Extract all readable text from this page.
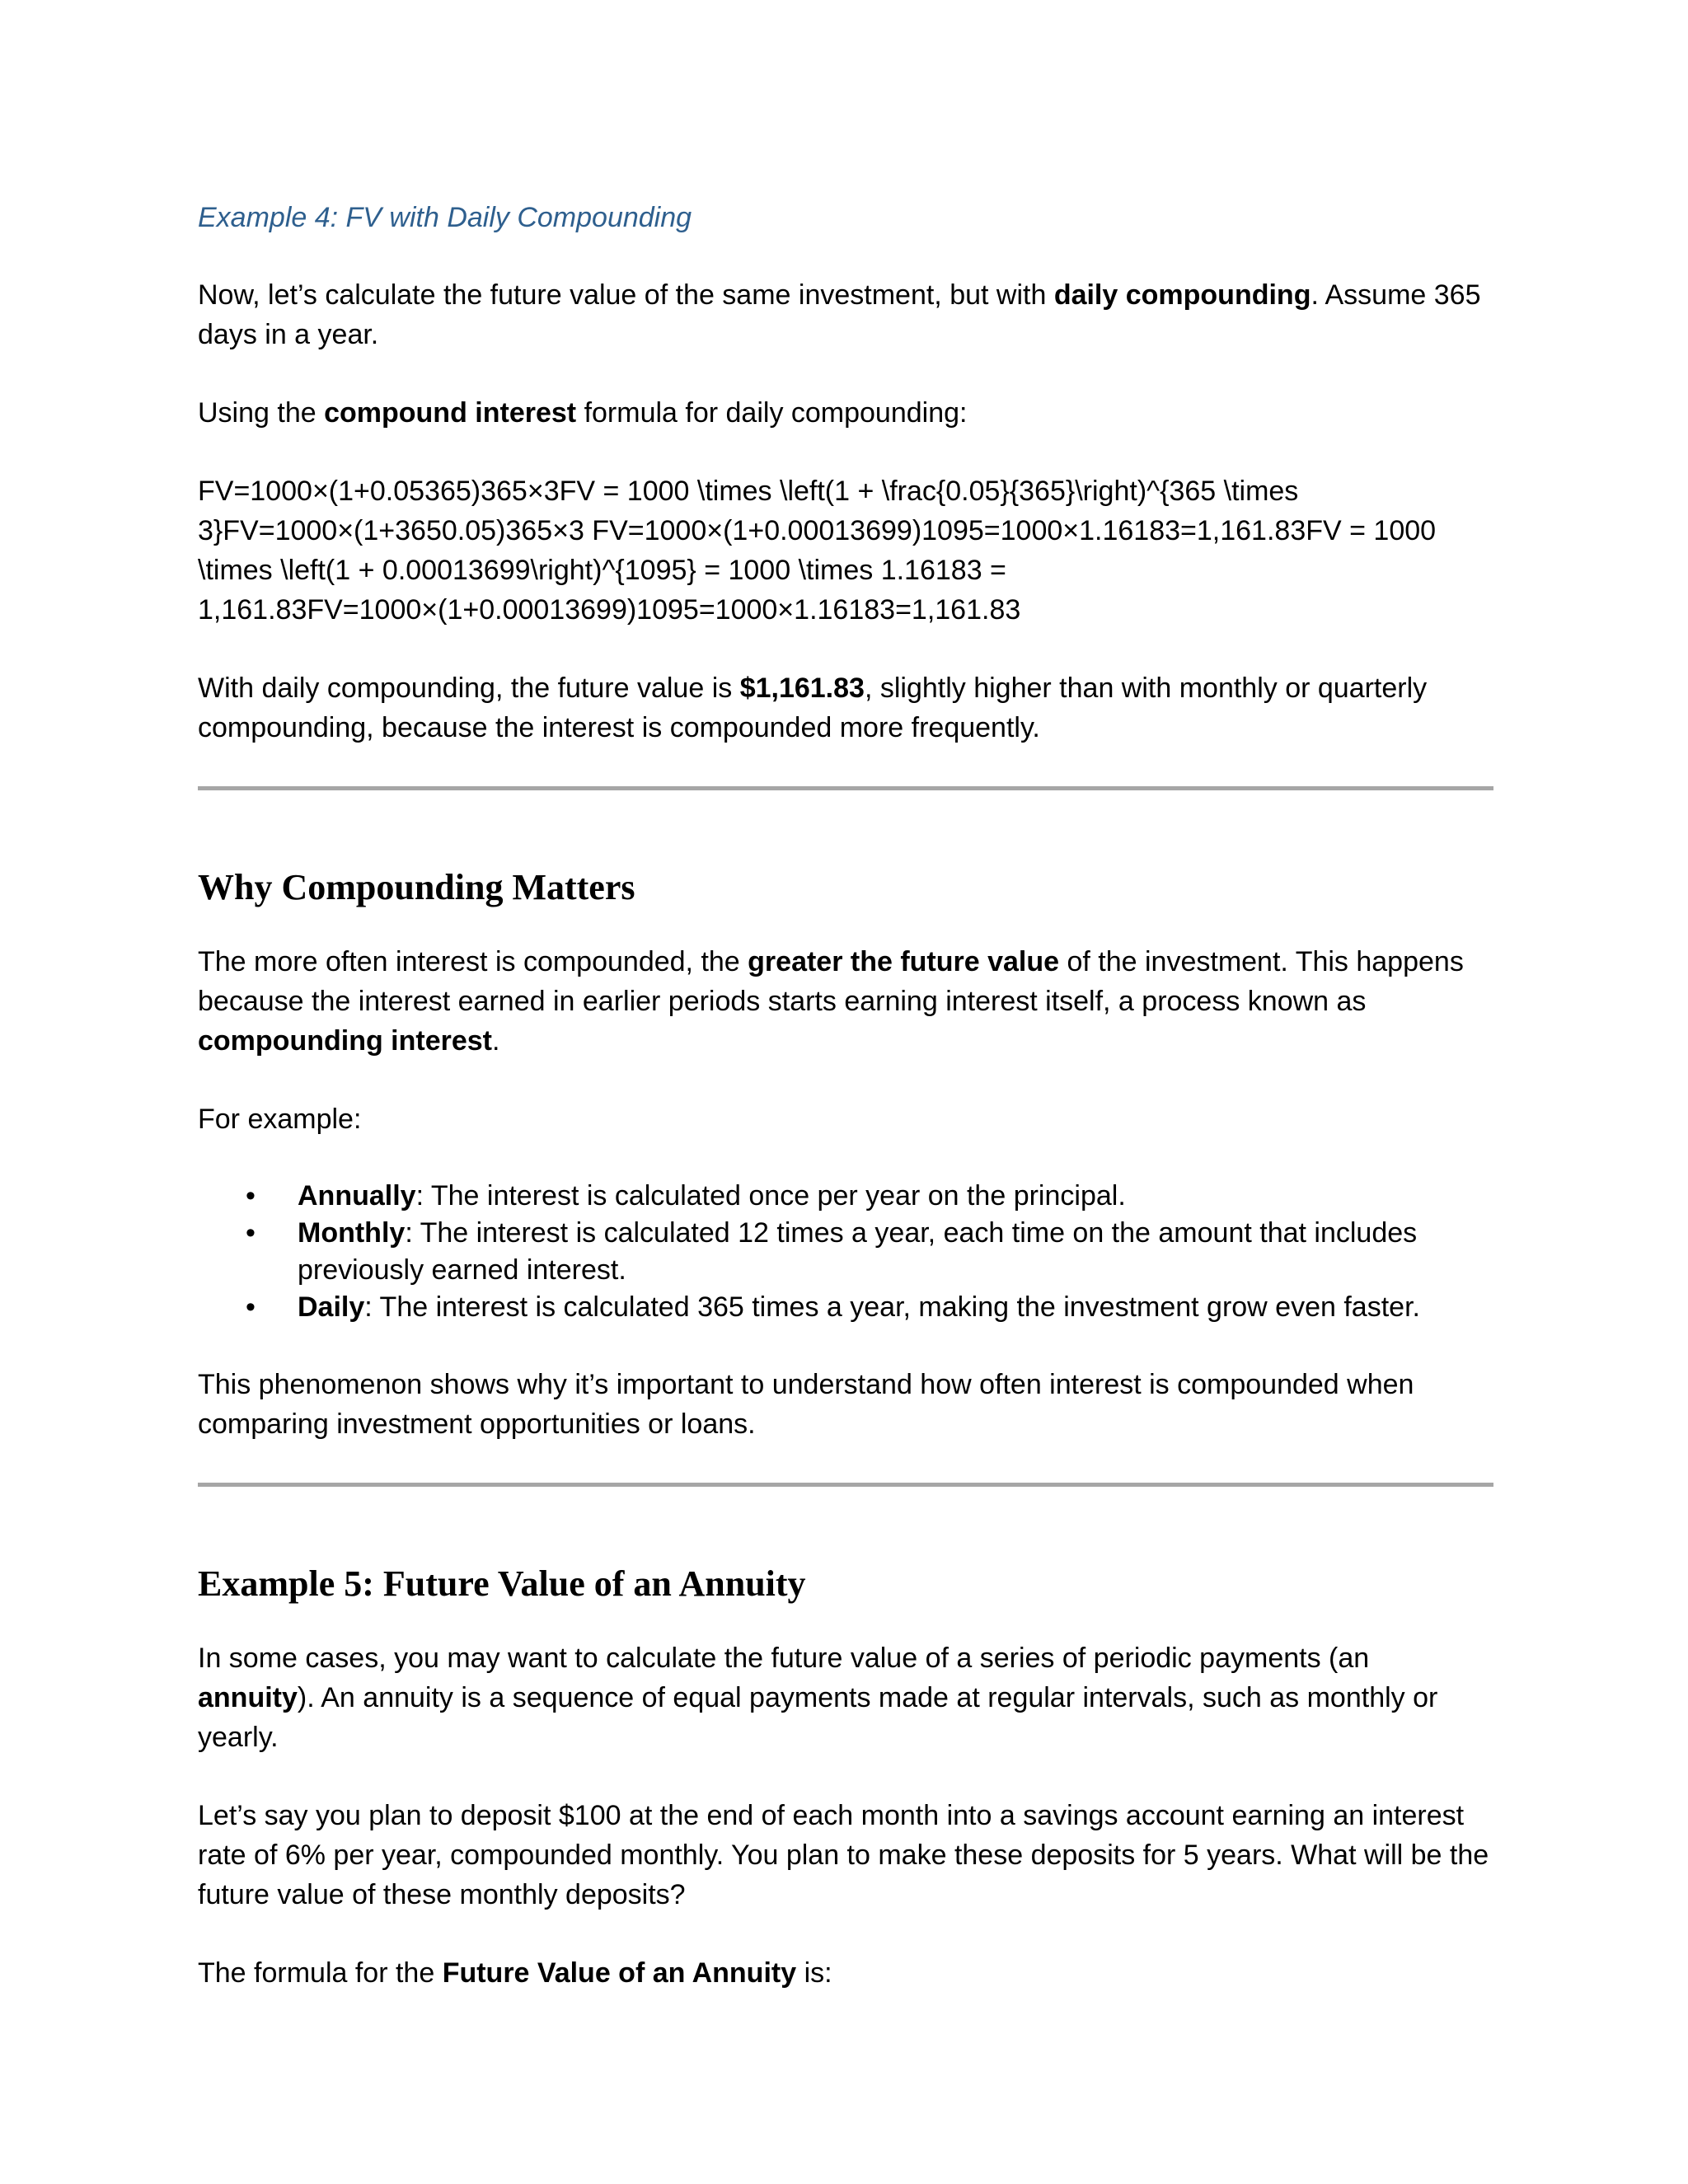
Example 4: FV with Daily Compounding

Now, let’s calculate the future value of the same investment, but with daily compounding. Assume 365 days in a year.

Using the compound interest formula for daily compounding:

FV=1000×(1+0.05365)365×3FV = 1000 \times \left(1 + \frac{0.05}{365}\right)^{365 \times 3}FV=1000×(1+3650.05)365×3 FV=1000×(1+0.00013699)1095=1000×1.16183=1,161.83FV = 1000 \times \left(1 + 0.00013699\right)^{1095} = 1000 \times 1.16183 = 1,161.83FV=1000×(1+0.00013699)1095=1000×1.16183=1,161.83

With daily compounding, the future value is $1,161.83, slightly higher than with monthly or quarterly compounding, because the interest is compounded more frequently.

Why Compounding Matters

The more often interest is compounded, the greater the future value of the investment. This happens because the interest earned in earlier periods starts earning interest itself, a process known as compounding interest.

For example:

• Annually: The interest is calculated once per year on the principal.
• Monthly: The interest is calculated 12 times a year, each time on the amount that includes previously earned interest.
• Daily: The interest is calculated 365 times a year, making the investment grow even faster.

This phenomenon shows why it’s important to understand how often interest is compounded when comparing investment opportunities or loans.

Example 5: Future Value of an Annuity

In some cases, you may want to calculate the future value of a series of periodic payments (an annuity). An annuity is a sequence of equal payments made at regular intervals, such as monthly or yearly.

Let’s say you plan to deposit $100 at the end of each month into a savings account earning an interest rate of 6% per year, compounded monthly. You plan to make these deposits for 5 years. What will be the future value of these monthly deposits?

The formula for the Future Value of an Annuity is:
